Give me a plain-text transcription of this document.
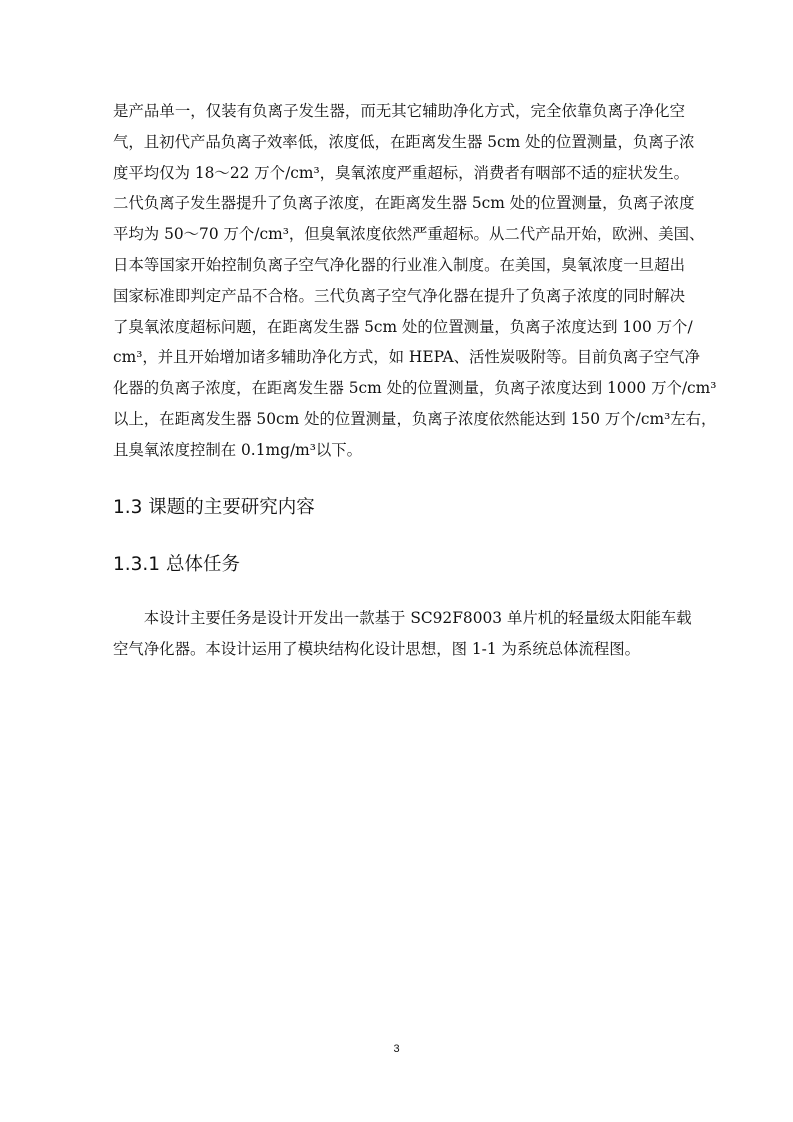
是产品单一，仅装有负离子发生器，而无其它辅助净化方式，完全依靠负离子净化空
气，且初代产品负离子效率低，浓度低，在距离发生器 5cm 处的位置测量，负离子浓
度平均仅为 18～22 万个/cm³，臭氧浓度严重超标，消费者有咽部不适的症状发生。
二代负离子发生器提升了负离子浓度，在距离发生器 5cm 处的位置测量，负离子浓度
平均为 50～70 万个/cm³，但臭氧浓度依然严重超标。从二代产品开始，欧洲、美国、
日本等国家开始控制负离子空气净化器的行业准入制度。在美国，臭氧浓度一旦超出
国家标准即判定产品不合格。三代负离子空气净化器在提升了负离子浓度的同时解决
了臭氧浓度超标问题，在距离发生器 5cm 处的位置测量，负离子浓度达到 100 万个/
cm³，并且开始增加诸多辅助净化方式，如 HEPA、活性炭吸附等。目前负离子空气净
化器的负离子浓度，在距离发生器 5cm 处的位置测量，负离子浓度达到 1000 万个/cm³
以上，在距离发生器 50cm 处的位置测量，负离子浓度依然能达到 150 万个/cm³左右，
且臭氧浓度控制在 0.1mg/m³以下。
1.3 课题的主要研究内容
1.3.1 总体任务
　　本设计主要任务是设计开发出一款基于 SC92F8003 单片机的轻量级太阳能车载
空气净化器。本设计运用了模块结构化设计思想，图 1-1 为系统总体流程图。
3
